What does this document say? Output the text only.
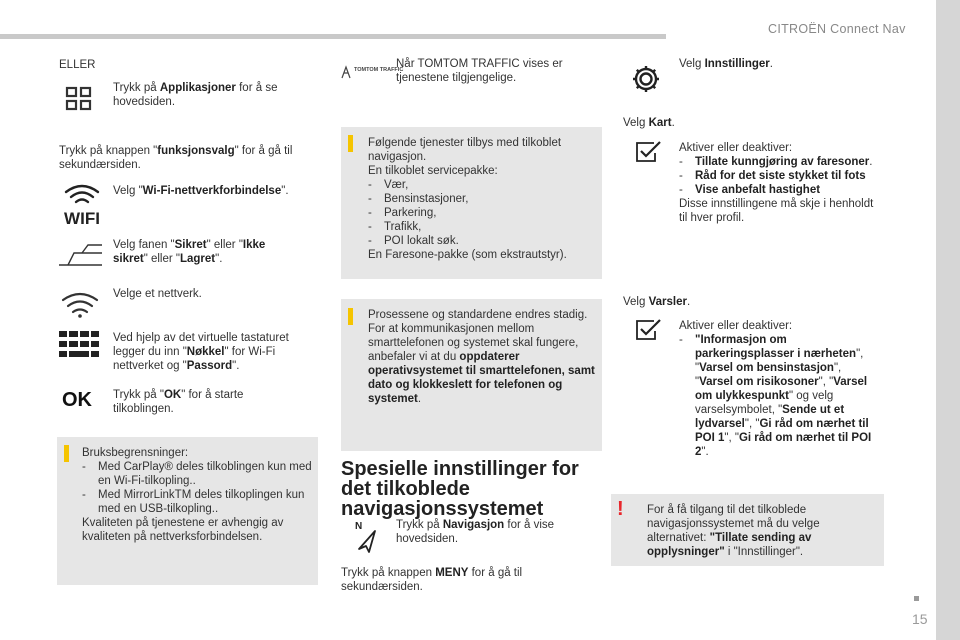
CITROËN Connect Nav
15
ELLER
Trykk på Applikasjoner for å se hovedsiden.
Trykk på knappen "funksjonsvalg" for å gå til sekundærsiden.
WIFI
Velg "Wi-Fi-nettverkforbindelse".
Velg fanen "Sikret" eller "Ikke sikret" eller "Lagret".
Velge et nettverk.
Ved hjelp av det virtuelle tastaturet legger du inn "Nøkkel" for Wi-Fi nettverket og "Passord".
OK Trykk på "OK" for å starte tilkoblingen.
Bruksbegrensninger:
- Med CarPlay® deles tilkoblingen kun med en Wi-Fi-tilkopling..
- Med MirrorLinkTM deles tilkoplingen kun med en USB-tilkopling..
Kvaliteten på tjenestene er avhengig av kvaliteten på nettverksforbindelsen.
TOMTOM TRAFFIC
Når TOMTOM TRAFFIC vises er tjenestene tilgjengelige.
Følgende tjenester tilbys med tilkoblet navigasjon.
En tilkoblet servicepakke:
- Vær,
- Bensinstasjoner,
- Parkering,
- Trafikk,
- POI lokalt søk.
En Faresone-pakke (som ekstrautstyr).
Prosessene og standardene endres stadig. For at kommunikasjonen mellom smarttelefonen og systemet skal fungere, anbefaler vi at du oppdaterer operativsystemet til smarttelefonen, samt dato og klokkeslett for telefonen og systemet.
Spesielle innstillinger for det tilkoblede navigasjonssystemet
N	Trykk på Navigasjon for å vise hovedsiden.
Trykk på knappen MENY for å gå til sekundærsiden.
Velg Innstillinger.
Velg Kart.
Aktiver eller deaktiver:
- Tillate kunngjøring av faresoner.
- Råd for det siste stykket til fots
- Vise anbefalt hastighet
Disse innstillingene må skje i henholdt til hver profil.
Velg Varsler.
Aktiver eller deaktiver:
- "Informasjon om parkeringsplasser i nærheten", "Varsel om bensinstasjon", "Varsel om risikosoner", "Varsel om ulykkespunkt" og velg varselsymbolet, "Sende ut et lydvarsel", "Gi råd om nærhet til POI 1", "Gi råd om nærhet til POI 2".
! For å få tilgang til det tilkoblede navigasjonssystemet må du velge alternativet: "Tillate sending av opplysninger" i "Innstillinger".
